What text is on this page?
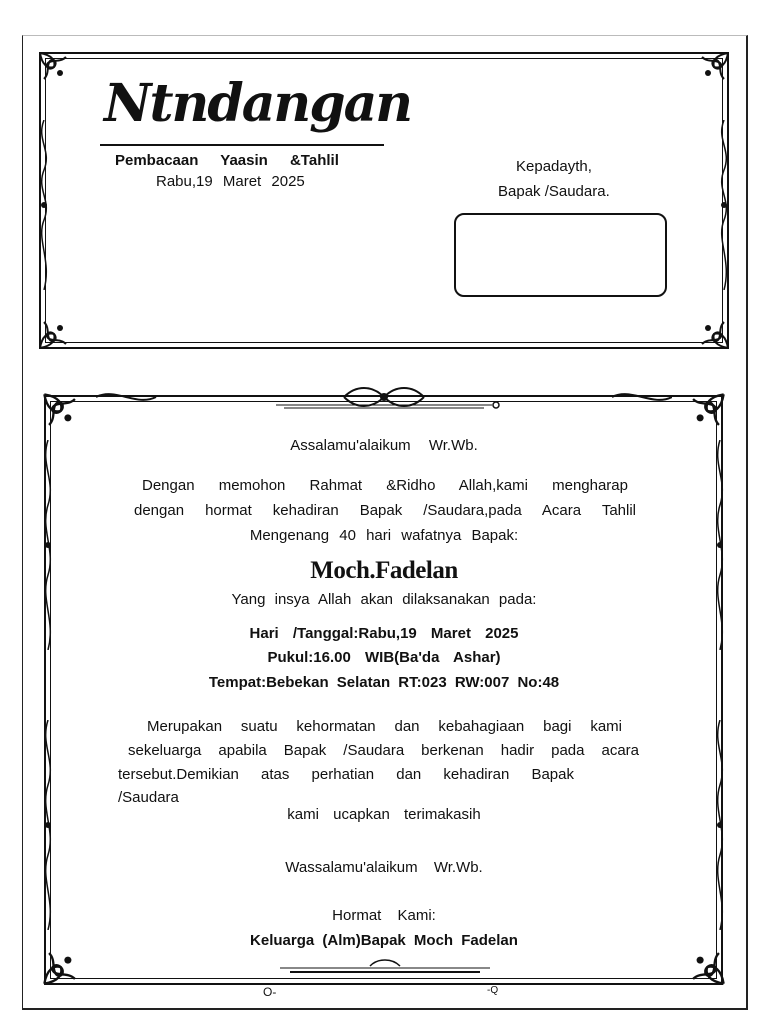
Ntndangan
Pembacaan Yaasin &Tahlil
Rabu,19 Maret 2025
Kepadayth,
Bapak /Saudara.
Assalamu'alaikum Wr.Wb.
Dengan memohon Rahmat &Ridho Allah,kami mengharap
dengan hormat kehadiran Bapak /Saudara,pada Acara Tahlil
Mengenang 40 hari wafatnya Bapak:
Moch.Fadelan
Yang insya Allah akan dilaksanakan pada:
Hari /Tanggal:Rabu,19 Maret 2025
Pukul:16.00 WIB(Ba'da Ashar)
Tempat:Bebekan Selatan RT:023 RW:007 No:48
Merupakan suatu kehormatan dan kebahagiaan bagi kami
sekeluarga apabila Bapak /Saudara berkenan hadir pada acara
tersebut.Demikian atas perhatian dan kehadiran Bapak
/Saudara
kami ucapkan terimakasih
Wassalamu'alaikum Wr.Wb.
Hormat Kami:
Keluarga (Alm)Bapak Moch Fadelan
O-	-Q
